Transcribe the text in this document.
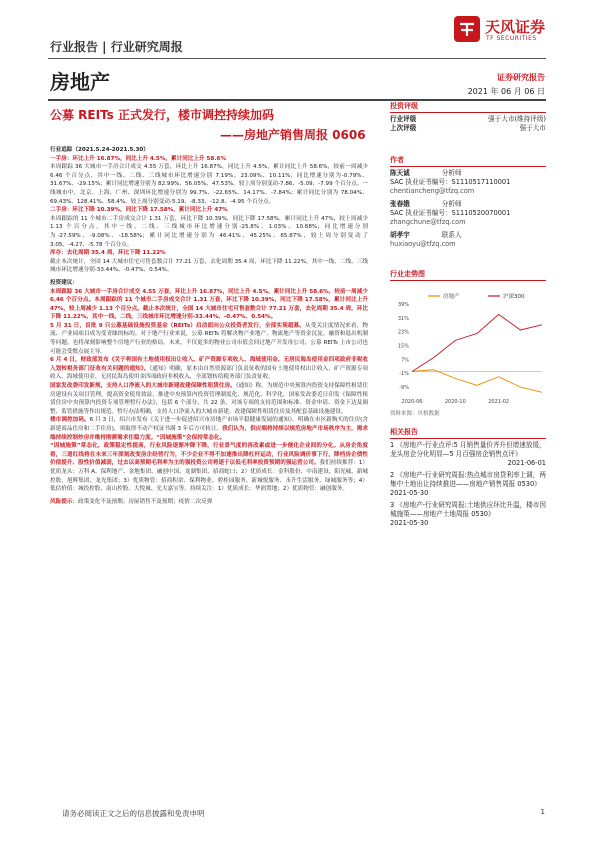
行业报告 | 行业研究周报
天风证券
TF SECURITIES
房地产	证券研究报告
2021 年 06 月 06 日
公募 REITs 正式发行，楼市调控持续加码
——房地产销售周报 0606

行业追踪（2021.5.24-2021.5.30）

一手房：环比上升 16.87%，同比上升 4.5%，累计同比上升 58.6%

本周跟踪 36 大城市一手房合计成交 4.55 万套，环比上升 16.87%，同比上升 4.5%，累计同比上升 58.6%，较前一周减少 6.46 个百分点，其中一线、二线、三线城市环比增速分别 7.19%、23.09%、10.11%；同比增速分别为-0.79%、31.67%、-29.15%；累计同比增速分别为 82.99%、56.05%、47.53%。较上周分别变动-7.86、-5.09、-7.99 个百分点。一线城市中，北京、上海、广州、深圳环比增速分别为 99.7%、-22.65%、14.17%、-7.84%；累计同比分别为 78.04%、69.43%、128.41%、58.4%，较上周分别变动-5.19、-8.33、-12.8、-4.95 个百分点。

二手房：环比下降 10.39%，同比下降 17.58%，累计同比上升 47%

本周跟踪的 11 个城市二手房成交合计 1.31 万套，环比下降 10.39%，同比下降 17.58%，累计同比上升 47%，较上周减少 1.13 个百分点。其中一线、二线、三线城市环比增速分别-25.8%、1.03%、10.68%；同比增速分别为-27.59%、-9.08%、-18.58%；累计同比增速分别为 46.41%、45.25%、65.87%，较上周分别变动了 3.05、-4.27、-5.78 个百分点。

库存：去化周期 35.4 周，环比下降 11.22%

截止本次统计，全国 14 大城市住宅可售套数合计 77.21 万套，去化周期 35.4 周，环比下降 11.22%，其中一线、二线、三线城市环比增速分别-33.44%、-0.47%、0.54%。

投资建议：

本周跟踪 36 大城市一手房合计成交 4.55 万套，环比上升 16.87%，同比上升 4.5%，累计同比上升 58.6%，较前一周减少 6.46 个百分点。本周跟踪的 11 个城市二手房成交合计 1.31 万套，环比下降 10.39%，同比下降 17.58%，累计同比上升 47%，较上周减少 1.13 个百分点。截止本次统计，全国 14 大城市住宅可售套数合计 77.21 万套，去化周期 35.4 周，环比下降 11.22%，其中一线、二线、三线城市环比增速分别-33.44%、-0.47%、0.54%。

5 月 31 日，首批 9 只公募基础设施投资基金（REITs）启动面向公众投资者发行，全部实现超募。从受关注度情况来看，物流、产业园项目成为受青睐的标的。对于地产行业来说，公募 REITs 将解决物产业地产、物流地产等资金沉淀、融资和退出机制等问题，也将深刻影响整个房地产行业的格局。未来，不仅更多的物业公司市值会回过地产开发母公司，公募 REITs 上市公司也可能会受惯点展主导。

6 月 4 日，财政部发布《关于将国有土地使用权出让收入、矿产资源专项收入、海域使用金、无居民海岛使用金四项政府非税收入划转税务部门征收有关问题的通知》。《通知》明确，原本由自然资源部门负责征收的国有土地使用权出让收入、矿产资源专项收入、海域使用金、无居民海岛使用金四项政府非税收入，全部划转给税务部门负责征收。

国家发改委印发新规，支持人口净流入的大城市新建改建保障性租赁住房。《通知》称，为规范中央预算内投资支持保障性租赁住房建设有关项目管理，提高资金使用效益，推进中央预算内投资管理制度化、规范化、科学化，国家发改委近日印发《保障性租赁住房中央预算内投资专项管理暂行办法》，包括 6 个部分、共 22 条，对该专项的支持范围和标准、资金申请、资金下达及调整、监管措施等作出规范。暂行办法明确，支持人口净流入的大城市新建、改建保障性租赁住房及其配套基础设施建设。

楼市调控加码。6 月 3 日，绍兴市发布《关于进一步促进绍兴市房地产市场平稳健康发展的通知》。明确在市区新购买的住房(含新建商品住房和二手住房)，须取得不动产权证书满 3 年后方可转让。我们认为，供应端将持续以规范房地产市场秩序为主，需求端持续控制炒房并维持刚需需求住稳力度。“因城施策”会保持常态化。

“因城施策”常态化，政策稳定性提高，行业风险逐渐冲降下降，行业景气度的再改素或进一步催化企业间的分化。从房企角度看，三道红线将在未来三年深刻改变房企经营行为，不少企业不得不加速推出降杠杆运动，行业风险调价事下行，降档房企债性价值提升、股性价值减弱，过去以高预期毛利率为主的强投资公司将逐于以低毛利率投资预期的强运营公司。我们持续推荐：1）优质龙头：万科 A、保利地产、金地集团、融创中国、龙湖集团、招商蛇口；2）优质成长：金科股份、中南建设、阳光城、新城控股、旭辉集团、龙光集团；3）优质物管：招商积余、保利物业、碧桂园服务、新城悦服务、永升生活服务、绿城服务等；4）低估价值：城投控股、南山控股、大悦城、光大嘉宝等。持续关注：1）优质成长：华润置地；2）优质物管：融创服务。

风险提示：政策变化不及预期；房屋销售不及预期；疫情二次反弹

投资评级
行业评级	强于大市(维持评级)
上次评级	强于大市
作者
陈天诚	分析师
SAC 执业证书编号：S1110517110001
chentiancheng@tfzq.com
张春娥	分析师
SAC 执业证书编号：S1110520070001
zhangchune@tfzq.com
胡孝宇	联系人
huxiaoyu@tfzq.com
行业走势图
39%
31%
23%
15%
7%
-1%
-9%
2020-06	2020-10	2021-02
房地产	沪深300
资料来源：贝格数据
相关报告
1 《房地产-行业点评:5 月销售量价齐升但增速放缓，龙头房企分化明显—5 月百强房企销售点评》
2021-06-01
2 《房地产-行业研究周报:热点城市房贷利率上调，两集中土地出让持续推进——房地产销售周报 0530》
2021-05-30
3 《房地产-行业研究周报:土地供应环比升温，楼市因城施策——房地产土地周报 0530》
2021-05-30
请务必阅读正文之后的信息披露和免责申明	1
